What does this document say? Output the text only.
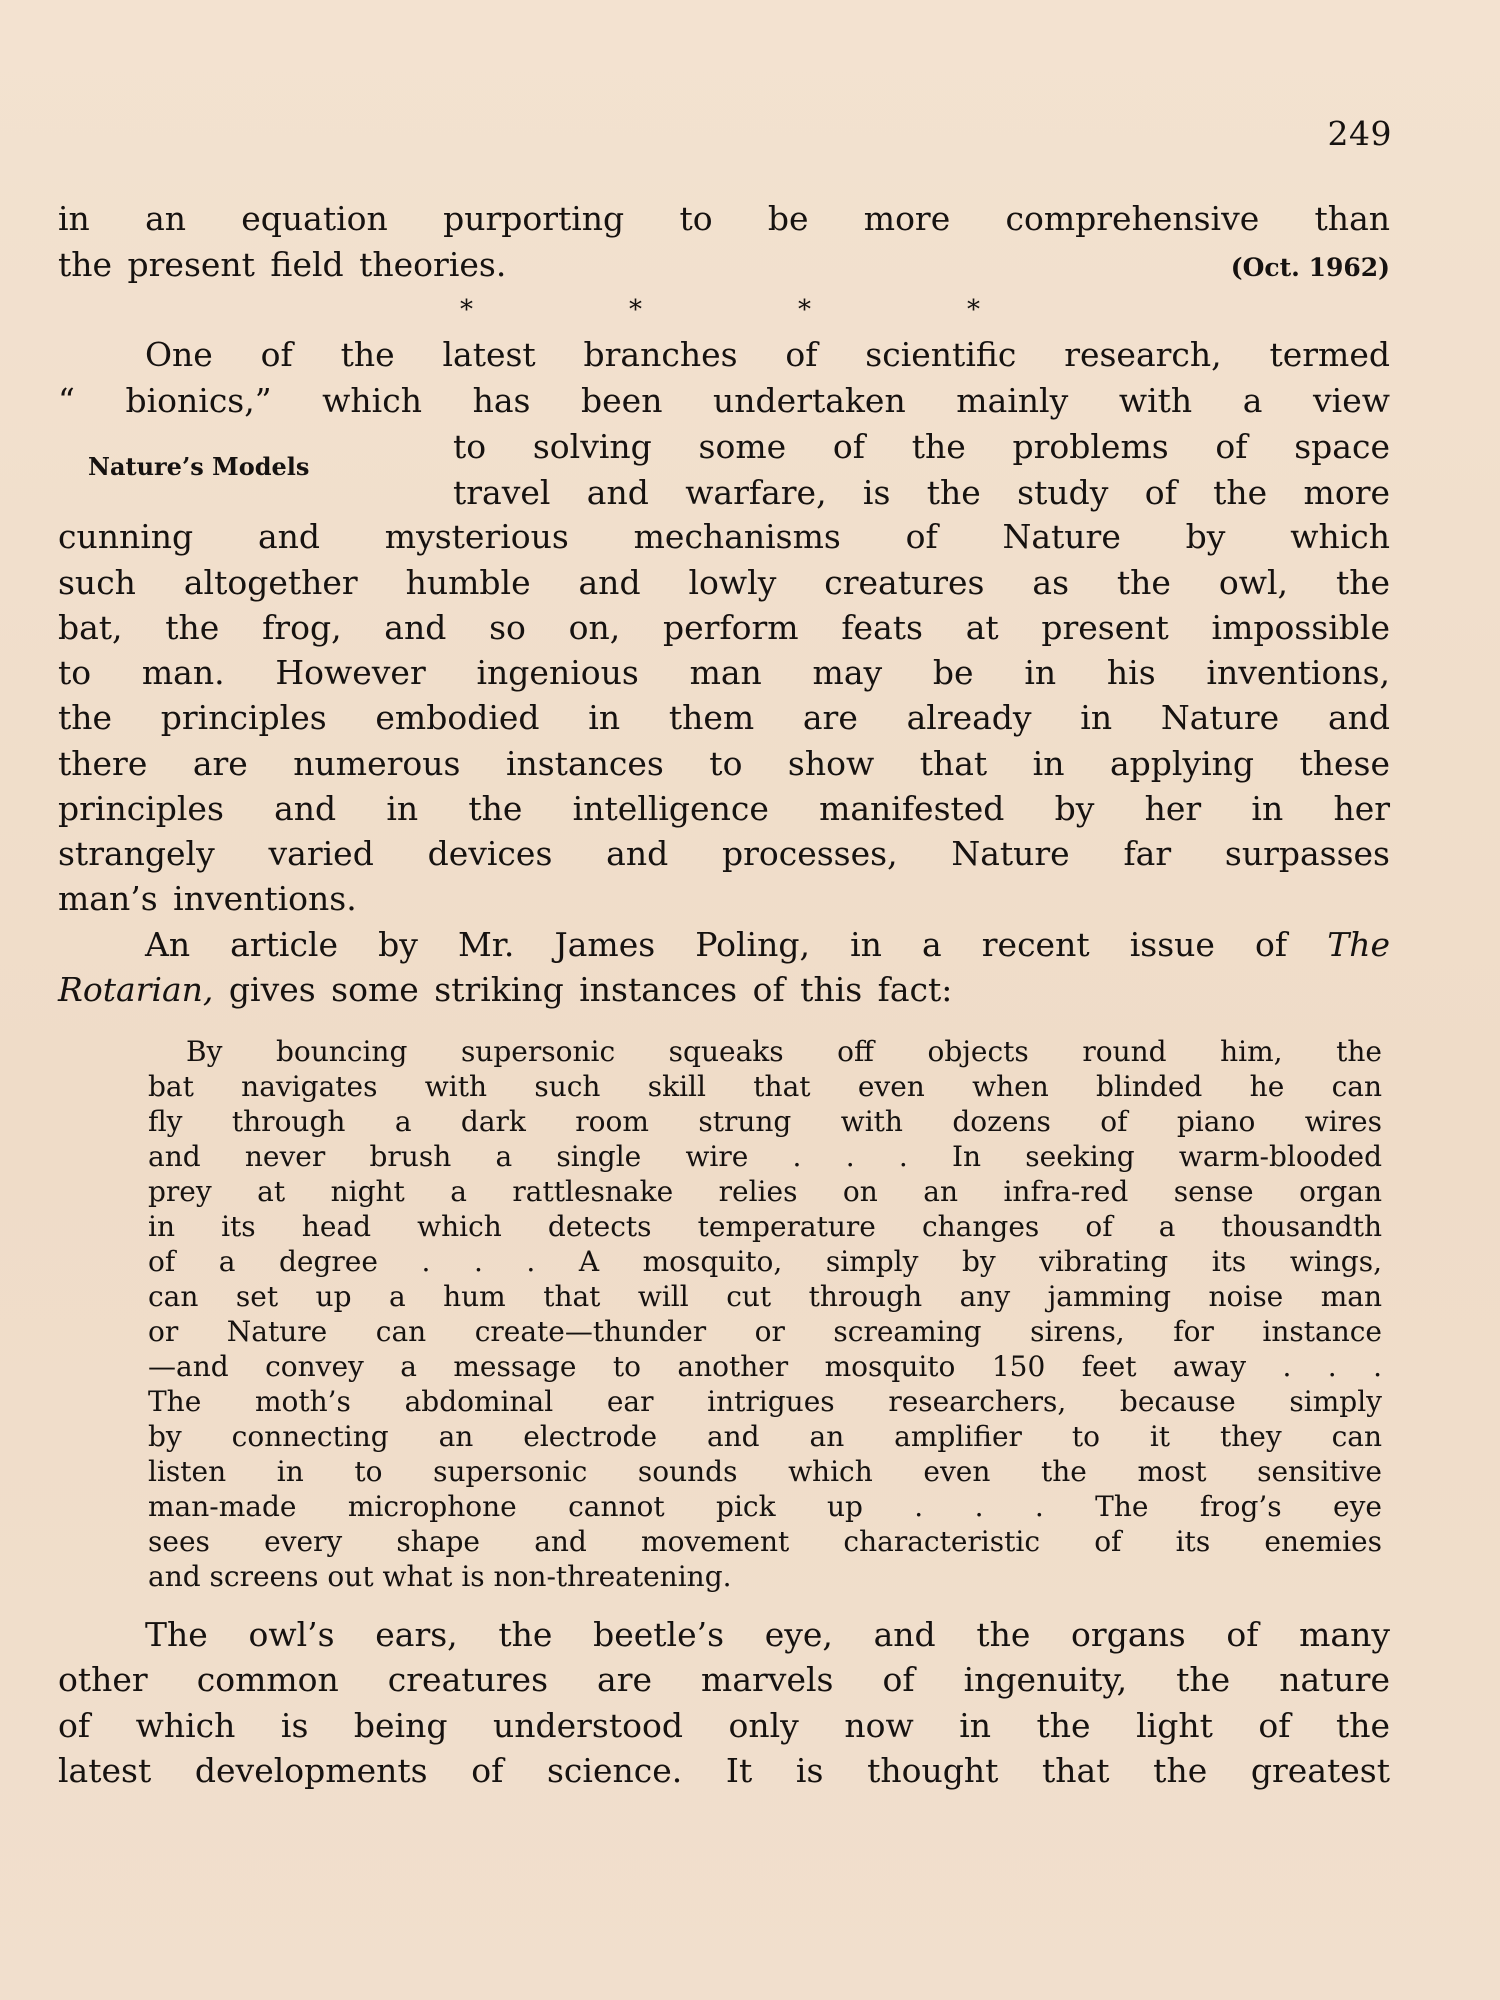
249
in an equation purporting to be more comprehensive than
the present field theories.	(Oct. 1962)
*	*	*	*
Nature’s Models
One of the latest branches of scientific research, termed
“ bionics,” which has been undertaken mainly with a view
to solving some of the problems of space
travel and warfare, is the study of the more
cunning and mysterious mechanisms of Nature by which
such altogether humble and lowly creatures as the owl, the
bat, the frog, and so on, perform feats at present impossible
to man. However ingenious man may be in his inventions,
the principles embodied in them are already in Nature and
there are numerous instances to show that in applying these
principles and in the intelligence manifested by her in her
strangely varied devices and processes, Nature far surpasses
man’s inventions.
An article by Mr. James Poling, in a recent issue of The
Rotarian, gives some striking instances of this fact:
By bouncing supersonic squeaks off objects round him, the
bat navigates with such skill that even when blinded he can
fly through a dark room strung with dozens of piano wires
and never brush a single wire . . . In seeking warm-blooded
prey at night a rattlesnake relies on an infra-red sense organ
in its head which detects temperature changes of a thousandth
of a degree . . . A mosquito, simply by vibrating its wings,
can set up a hum that will cut through any jamming noise man
or Nature can create—thunder or screaming sirens, for instance
—and convey a message to another mosquito 150 feet away . . .
The moth’s abdominal ear intrigues researchers, because simply
by connecting an electrode and an amplifier to it they can
listen in to supersonic sounds which even the most sensitive
man-made microphone cannot pick up . . . The frog’s eye
sees every shape and movement characteristic of its enemies
and screens out what is non-threatening.
The owl’s ears, the beetle’s eye, and the organs of many
other common creatures are marvels of ingenuity, the nature
of which is being understood only now in the light of the
latest developments of science. It is thought that the greatest
